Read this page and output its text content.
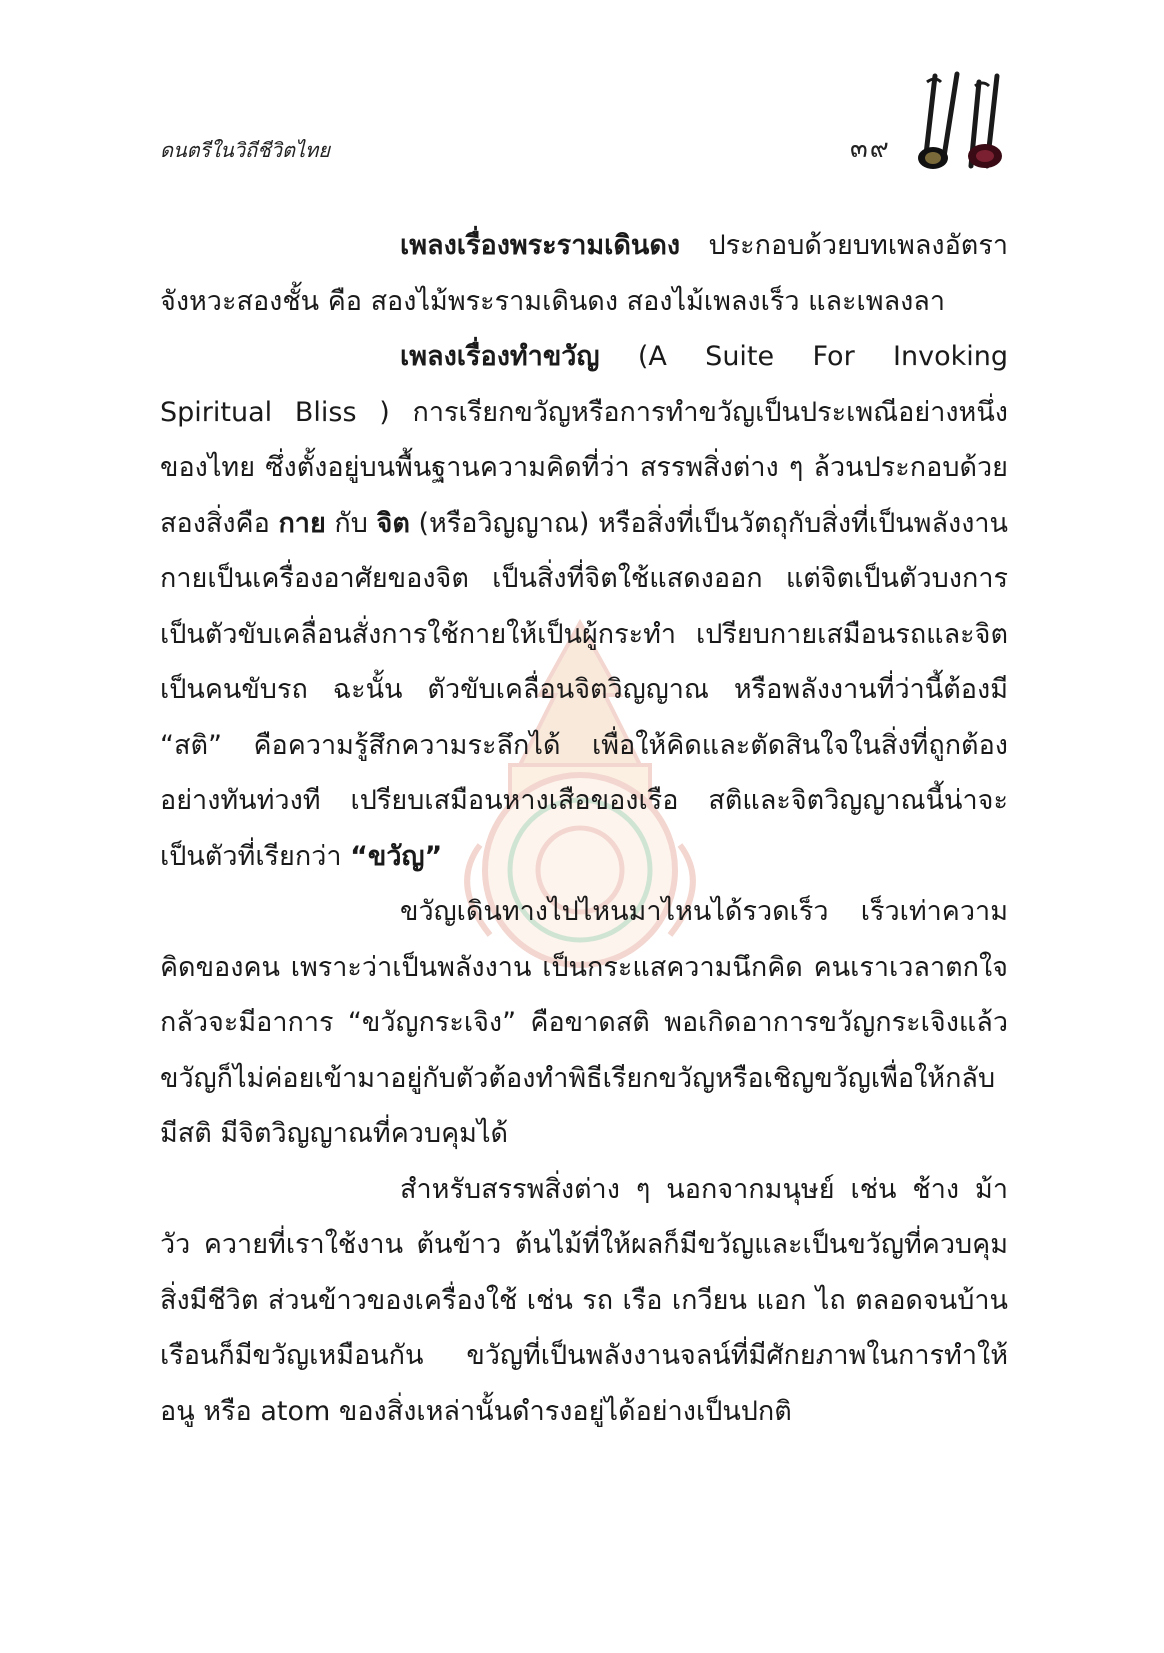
ดนตรีในวิถีชีวิตไทย	๓๙

เพลงเรื่องพระรามเดินดง ประกอบด้วยบทเพลงอัตราจังหวะสองชั้น คือ สองไม้พระรามเดินดง สองไม้เพลงเร็ว และเพลงลา

เพลงเรื่องทำขวัญ (A Suite For Invoking Spiritual Bliss ) การเรียกขวัญหรือการทำขวัญเป็นประเพณีอย่างหนึ่งของไทย ซึ่งตั้งอยู่บนพื้นฐานความคิดที่ว่า สรรพสิ่งต่าง ๆ ล้วนประกอบด้วยสองสิ่งคือ กาย กับ จิต (หรือวิญญาณ) หรือสิ่งที่เป็นวัตถุกับสิ่งที่เป็นพลังงาน กายเป็นเครื่องอาศัยของจิต เป็นสิ่งที่จิตใช้แสดงออก แต่จิตเป็นตัวบงการเป็นตัวขับเคลื่อนสั่งการใช้กายให้เป็นผู้กระทำ เปรียบกายเสมือนรถและจิตเป็นคนขับรถ ฉะนั้น ตัวขับเคลื่อนจิตวิญญาณ หรือพลังงานที่ว่านี้ต้องมี “สติ” คือความรู้สึกความระลึกได้ เพื่อให้คิดและตัดสินใจในสิ่งที่ถูกต้องอย่างทันท่วงที เปรียบเสมือนหางเสือของเรือ สติและจิตวิญญาณนี้น่าจะเป็นตัวที่เรียกว่า “ขวัญ”

ขวัญเดินทางไปไหนมาไหนได้รวดเร็ว เร็วเท่าความคิดของคน เพราะว่าเป็นพลังงาน เป็นกระแสความนึกคิด คนเราเวลาตกใจกลัวจะมีอาการ “ขวัญกระเจิง” คือขาดสติ พอเกิดอาการขวัญกระเจิงแล้วขวัญก็ไม่ค่อยเข้ามาอยู่กับตัวต้องทำพิธีเรียกขวัญหรือเชิญขวัญเพื่อให้กลับมีสติ มีจิตวิญญาณที่ควบคุมได้

สำหรับสรรพสิ่งต่าง ๆ นอกจากมนุษย์ เช่น ช้าง ม้า วัว ควายที่เราใช้งาน ต้นข้าว ต้นไม้ที่ให้ผลก็มีขวัญและเป็นขวัญที่ควบคุมสิ่งมีชีวิต ส่วนข้าวของเครื่องใช้ เช่น รถ เรือ เกวียน แอก ไถ ตลอดจนบ้านเรือนก็มีขวัญเหมือนกัน ขวัญที่เป็นพลังงานจลน์ที่มีศักยภาพในการทำให้อนู หรือ atom ของสิ่งเหล่านั้นดำรงอยู่ได้อย่างเป็นปกติ
